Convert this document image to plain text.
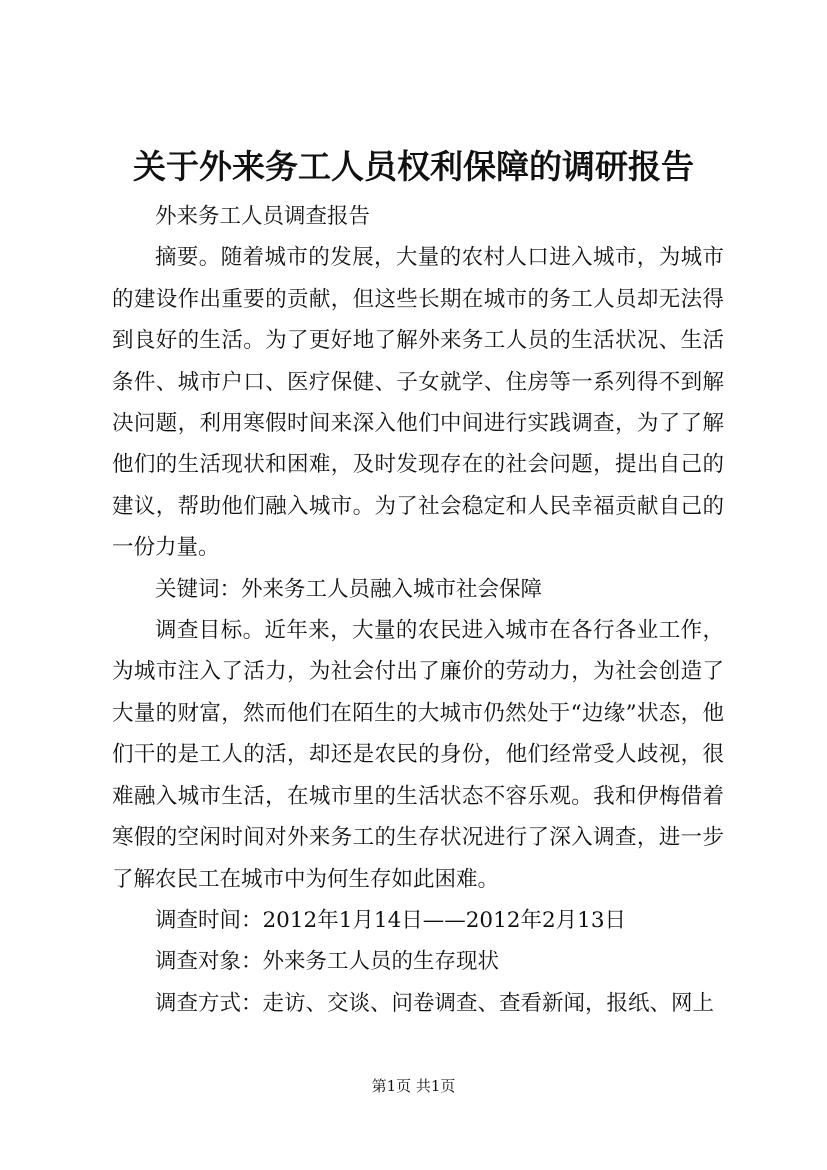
关于外来务工人员权利保障的调研报告

外来务工人员调查报告

摘要。随着城市的发展，大量的农村人口进入城市，为城市的建设作出重要的贡献，但这些长期在城市的务工人员却无法得到良好的生活。为了更好地了解外来务工人员的生活状况、生活条件、城市户口、医疗保健、子女就学、住房等一系列得不到解决问题，利用寒假时间来深入他们中间进行实践调查，为了了解他们的生活现状和困难，及时发现存在的社会问题，提出自己的建议，帮助他们融入城市。为了社会稳定和人民幸福贡献自己的一份力量。

关键词：外来务工人员融入城市社会保障

调查目标。近年来，大量的农民进入城市在各行各业工作，为城市注入了活力，为社会付出了廉价的劳动力，为社会创造了大量的财富，然而他们在陌生的大城市仍然处于“边缘”状态，他们干的是工人的活，却还是农民的身份，他们经常受人歧视，很难融入城市生活，在城市里的生活状态不容乐观。我和伊梅借着寒假的空闲时间对外来务工的生存状况进行了深入调查，进一步了解农民工在城市中为何生存如此困难。

调查时间：2012年1月14日——2012年2月13日

调查对象：外来务工人员的生存现状

调查方式：走访、交谈、问卷调查、查看新闻，报纸、网上

第1页 共1页
